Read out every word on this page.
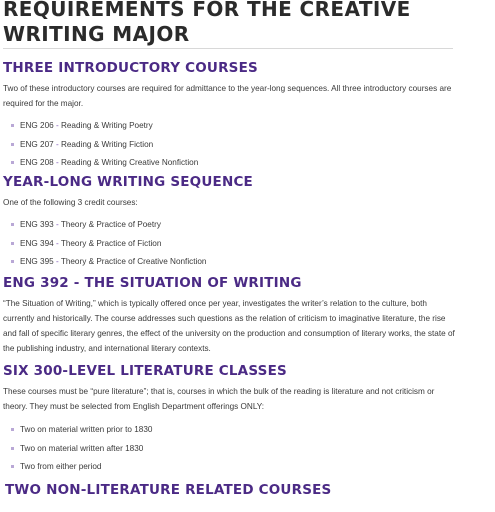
REQUIREMENTS FOR THE CREATIVE WRITING MAJOR
THREE INTRODUCTORY COURSES

Two of these introductory courses are required for admittance to the year-long sequences. All three introductory courses are required for the major.

ENG 206 - Reading & Writing Poetry
ENG 207 - Reading & Writing Fiction
ENG 208 - Reading & Writing Creative Nonfiction
YEAR-LONG WRITING SEQUENCE

One of the following 3 credit courses:

ENG 393 - Theory & Practice of Poetry
ENG 394 - Theory & Practice of Fiction
ENG 395 - Theory & Practice of Creative Nonfiction
ENG 392 - THE SITUATION OF WRITING

“The Situation of Writing,” which is typically offered once per year, investigates the writer’s relation to the culture, both currently and historically. The course addresses such questions as the relation of criticism to imaginative literature, the rise and fall of specific literary genres, the effect of the university on the production and consumption of literary works, the state of the publishing industry, and international literary contexts.

SIX 300-LEVEL LITERATURE CLASSES

These courses must be “pure literature”; that is, courses in which the bulk of the reading is literature and not criticism or theory. They must be selected from English Department offerings ONLY:

Two on material written prior to 1830
Two on material written after 1830
Two from either period
TWO NON-LITERATURE RELATED COURSES
